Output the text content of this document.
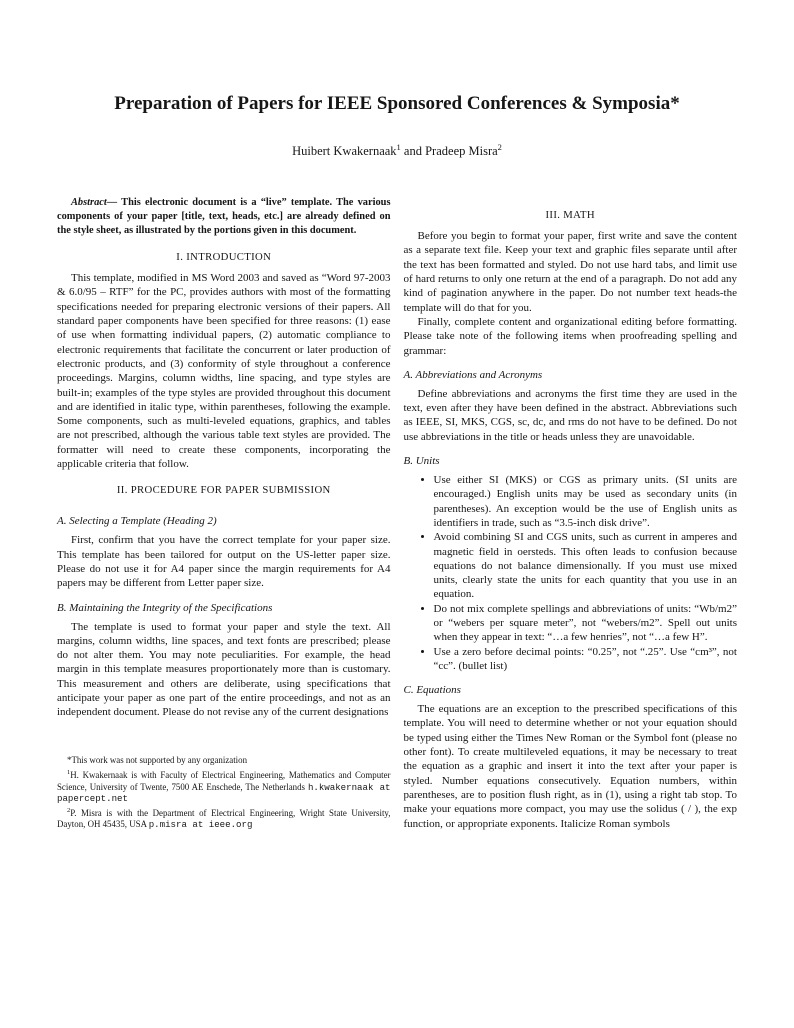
Preparation of Papers for IEEE Sponsored Conferences & Symposia*
Huibert Kwakernaak$^1$ and Pradeep Misra$^2$

Abstract— This electronic document is a “live” template. The various components of your paper [title, text, heads, etc.] are already defined on the style sheet, as illustrated by the portions given in this document.

I. INTRODUCTION

This template, modified in MS Word 2003 and saved as “Word 97-2003 & 6.0/95 – RTF” for the PC, provides authors with most of the formatting specifications needed for preparing electronic versions of their papers. All standard paper components have been specified for three reasons: (1) ease of use when formatting individual papers, (2) automatic compliance to electronic requirements that facilitate the concurrent or later production of electronic products, and (3) conformity of style throughout a conference proceedings. Margins, column widths, line spacing, and type styles are built-in; examples of the type styles are provided throughout this document and are identified in italic type, within parentheses, following the example. Some components, such as multi-leveled equations, graphics, and tables are not prescribed, although the various table text styles are provided. The formatter will need to create these components, incorporating the applicable criteria that follow.

II. PROCEDURE FOR PAPER SUBMISSION
A. Selecting a Template (Heading 2)

First, confirm that you have the correct template for your paper size. This template has been tailored for output on the US-letter paper size. Please do not use it for A4 paper since the margin requirements for A4 papers may be different from Letter paper size.

B. Maintaining the Integrity of the Specifications

The template is used to format your paper and style the text. All margins, column widths, line spaces, and text fonts are prescribed; please do not alter them. You may note peculiarities. For example, the head margin in this template measures proportionately more than is customary. This measurement and others are deliberate, using specifications that anticipate your paper as one part of the entire proceedings, and not as an independent document. Please do not revise any of the current designations

*This work was not supported by any organization

$^1$H. Kwakernaak is with Faculty of Electrical Engineering, Mathematics and Computer Science, University of Twente, 7500 AE Enschede, The Netherlands h.kwakernaak at papercept.net

$^2$P. Misra is with the Department of Electrical Engineering, Wright State University, Dayton, OH 45435, USA p.misra at ieee.org

III. MATH

Before you begin to format your paper, first write and save the content as a separate text file. Keep your text and graphic files separate until after the text has been formatted and styled. Do not use hard tabs, and limit use of hard returns to only one return at the end of a paragraph. Do not add any kind of pagination anywhere in the paper. Do not number text heads-the template will do that for you.

Finally, complete content and organizational editing before formatting. Please take note of the following items when proofreading spelling and grammar:

A. Abbreviations and Acronyms

Define abbreviations and acronyms the first time they are used in the text, even after they have been defined in the abstract. Abbreviations such as IEEE, SI, MKS, CGS, sc, dc, and rms do not have to be defined. Do not use abbreviations in the title or heads unless they are unavoidable.

B. Units
• Use either SI (MKS) or CGS as primary units. (SI units are encouraged.) English units may be used as secondary units (in parentheses). An exception would be the use of English units as identifiers in trade, such as “3.5-inch disk drive”.
• Avoid combining SI and CGS units, such as current in amperes and magnetic field in oersteds. This often leads to confusion because equations do not balance dimensionally. If you must use mixed units, clearly state the units for each quantity that you use in an equation.
• Do not mix complete spellings and abbreviations of units: “Wb/m2” or “webers per square meter”, not “webers/m2”. Spell out units when they appear in text: “…a few henries”, not “…a few H”.
• Use a zero before decimal points: “0.25”, not “.25”. Use “cm³”, not “cc”. (bullet list)
C. Equations

The equations are an exception to the prescribed specifications of this template. You will need to determine whether or not your equation should be typed using either the Times New Roman or the Symbol font (please no other font). To create multileveled equations, it may be necessary to treat the equation as a graphic and insert it into the text after your paper is styled. Number equations consecutively. Equation numbers, within parentheses, are to position flush right, as in (1), using a right tab stop. To make your equations more compact, you may use the solidus ( / ), the exp function, or appropriate exponents. Italicize Roman symbols
